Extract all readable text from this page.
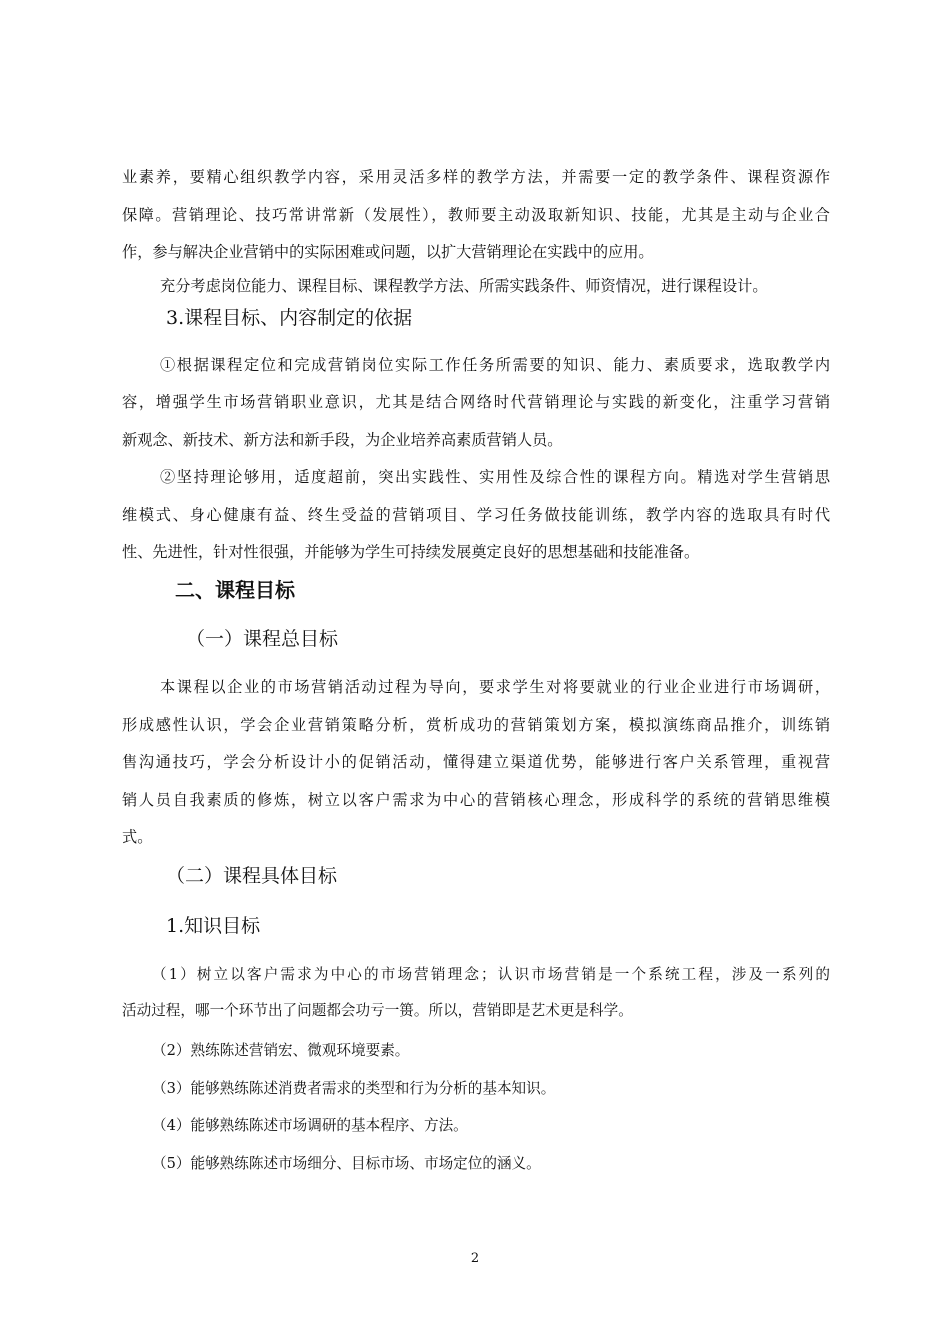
业素养，要精心组织教学内容，采用灵活多样的教学方法，并需要一定的教学条件、课程资源作
保障。营销理论、技巧常讲常新（发展性），教师要主动汲取新知识、技能，尤其是主动与企业合
作，参与解决企业营销中的实际困难或问题，以扩大营销理论在实践中的应用。
充分考虑岗位能力、课程目标、课程教学方法、所需实践条件、师资情况，进行课程设计。
3.课程目标、内容制定的依据
①根据课程定位和完成营销岗位实际工作任务所需要的知识、能力、素质要求，选取教学内
容，增强学生市场营销职业意识，尤其是结合网络时代营销理论与实践的新变化，注重学习营销
新观念、新技术、新方法和新手段，为企业培养高素质营销人员。
②坚持理论够用，适度超前，突出实践性、实用性及综合性的课程方向。精选对学生营销思
维模式、身心健康有益、终生受益的营销项目、学习任务做技能训练，教学内容的选取具有时代
性、先进性，针对性很强，并能够为学生可持续发展奠定良好的思想基础和技能准备。
二、课程目标
（一）课程总目标
本课程以企业的市场营销活动过程为导向，要求学生对将要就业的行业企业进行市场调研，
形成感性认识，学会企业营销策略分析，赏析成功的营销策划方案，模拟演练商品推介，训练销
售沟通技巧，学会分析设计小的促销活动，懂得建立渠道优势，能够进行客户关系管理，重视营
销人员自我素质的修炼，树立以客户需求为中心的营销核心理念，形成科学的系统的营销思维模
式。
（二）课程具体目标
1.知识目标
（1）树立以客户需求为中心的市场营销理念；认识市场营销是一个系统工程，涉及一系列的
活动过程，哪一个环节出了问题都会功亏一篑。所以，营销即是艺术更是科学。
（2）熟练陈述营销宏、微观环境要素。
（3）能够熟练陈述消费者需求的类型和行为分析的基本知识。
（4）能够熟练陈述市场调研的基本程序、方法。
（5）能够熟练陈述市场细分、目标市场、市场定位的涵义。
2
